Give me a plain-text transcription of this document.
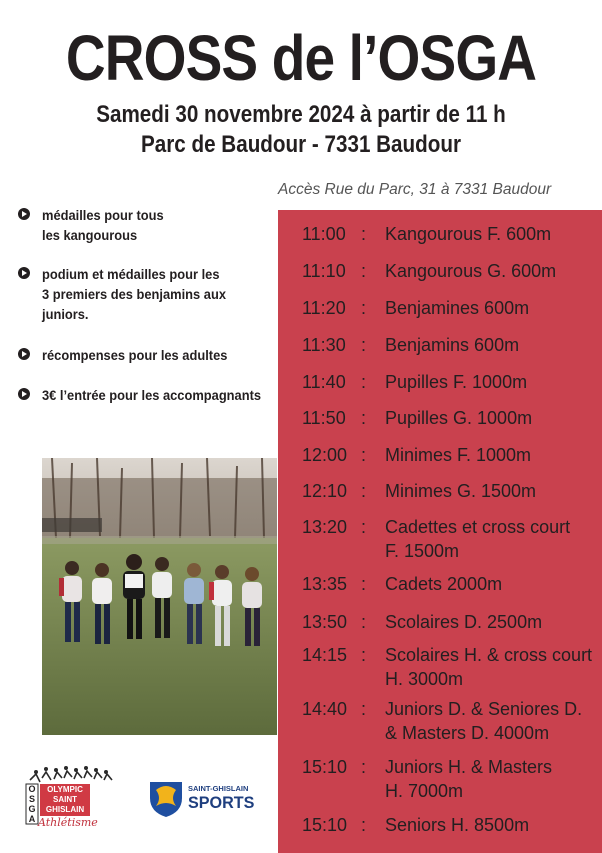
CROSS de l’OSGA
Samedi 30 novembre 2024 à partir de 11 h
Parc de Baudour - 7331 Baudour
Accès Rue du Parc, 31 à 7331 Baudour
médailles pour tous les kangourous
podium et médailles pour les 3 premiers des benjamins aux juniors.
récompenses pour les adultes
3€ l’entrée pour les accompagnants
11:00 : Kangourous F. 600m
11:10 : Kangourous G. 600m
11:20 : Benjamines 600m
11:30 : Benjamins 600m
11:40 : Pupilles F. 1000m
11:50 : Pupilles G. 1000m
12:00 : Minimes F. 1000m
12:10 : Minimes G. 1500m
13:20 : Cadettes et cross court F. 1500m
13:35 : Cadets 2000m
13:50 : Scolaires D. 2500m
14:15 : Scolaires H. & cross court H. 3000m
14:40 : Juniors D. & Seniores D. & Masters D. 4000m
15:10 : Juniors H. & Masters H. 7000m
15:10 : Seniors H. 8500m
OSGA
OLYMPIC
SAINT
GHISLAIN
Athlétisme
SAINT-GHISLAIN
SPORTS
